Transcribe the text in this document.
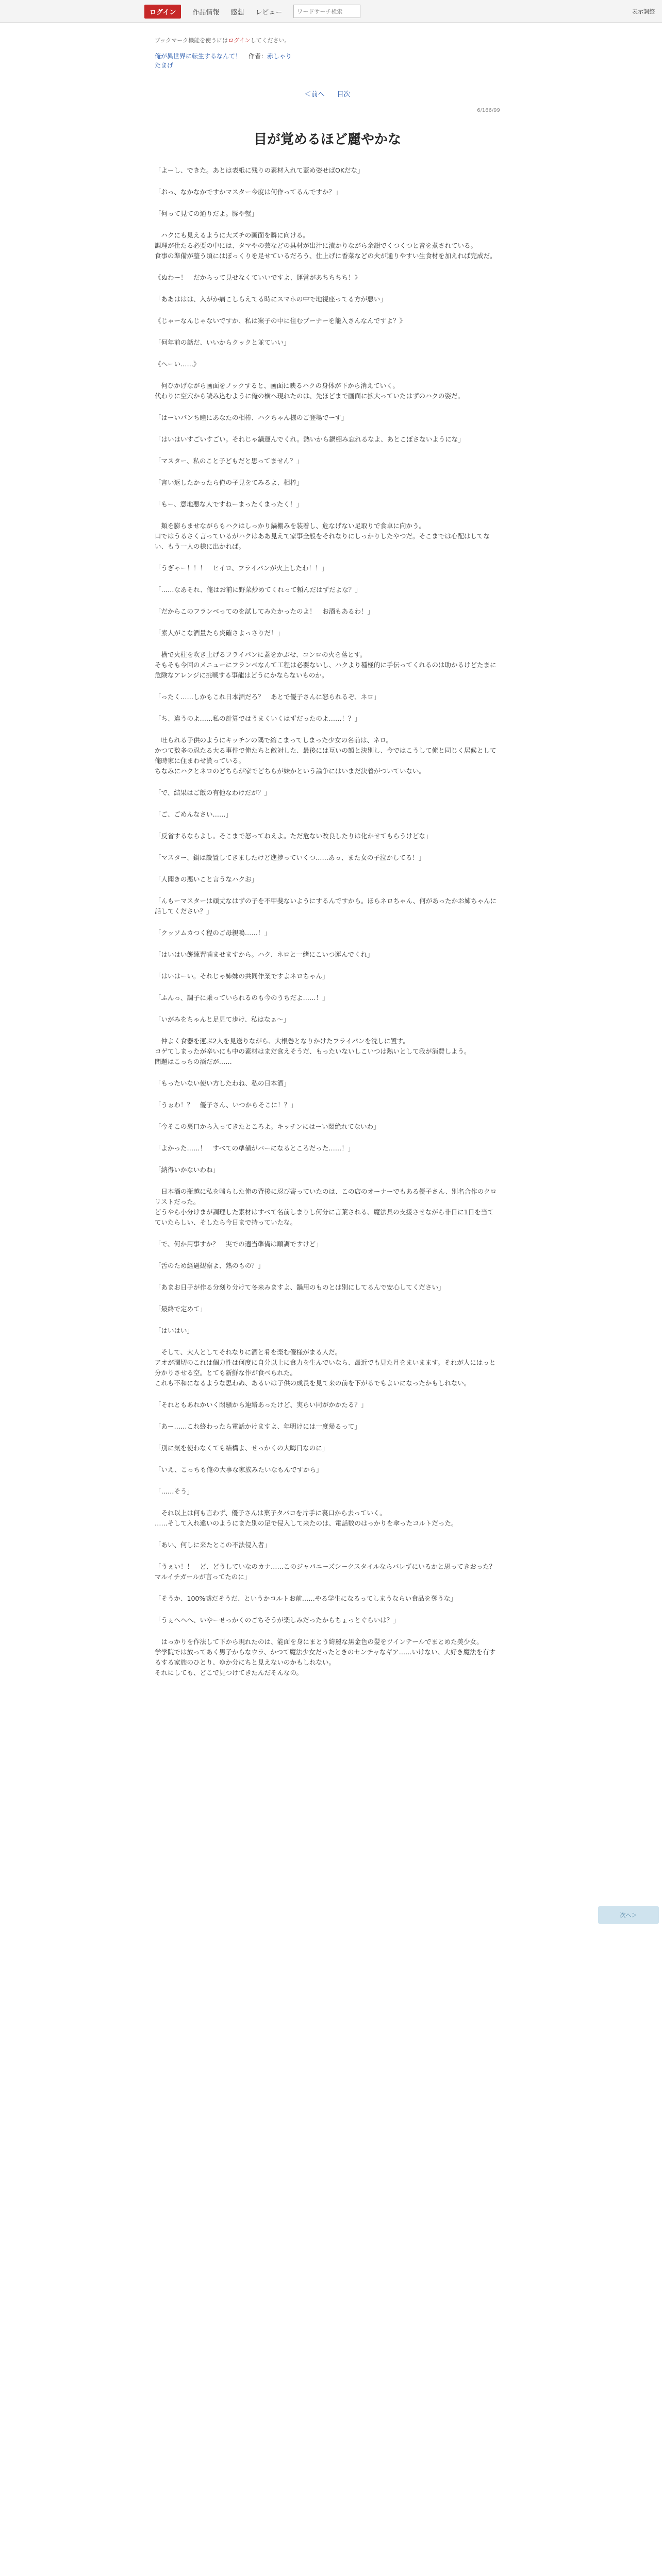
ログイン	作品情報 感想 レビュー
ワードサーチ検索	表示調整
ブックマーク機能を使うにはログインしてください。
俺が異世界に転生するなんて！ 作者：赤しゃり
たまげ
＜前へ 目次
6/166/99
目が覚めるほど麗やかな

「よーし、できた。あとは表紙に残りの素材入れて蓋め姿せばOKだな」

「おっ、なかなかですかマスター今度は何作ってるんですか？」

「何って見ての通りだよ。豚や蟹」

　ハクにも見えるように大ズチの画面を瞬に向ける。
調理が仕たる必要の中には、タマやの芸などの具材が出汁に漬かりながら余韻でくつくつと音を煮されている。
食事の準備が整う頃にはぽっくりを足せているだろう、仕上げに香菜などの火が通りやすい生食材を加えれば完成だ。

《ぬわー！　だからって見せなくていいですよ、運営があちちちち！》

「ああははは、入がか痛こしらえてる時にスマホの中で地視座ってる方が悪い」

《じゃーなんじゃないですか、私は案子の中に住むブーナーを籠入さんなんですよ？》

「何年前の話だ、いいからクックと並ていい」

《へーい……》

　何ひかげながら画面をノックすると、画面に映るハクの身体が下から消えていく。
代わりに空穴から読み込むように俺の横へ現れたのは、先ほどまで画面に拡大っていたはずのハクの姿だ。

「はーいパンち瞳にあなたの相棒、ハクちゃん様のご登場でーす」

「はいはいすごいすごい。それじゃ鍋運んでくれ。熱いから鍋棚み忘れるなよ、あとこぼさないようにな」

「マスター、私のこと子どもだと思ってません？」

「言い返したかったら俺の子見をてみるよ、相棒」

「もー、意地悪な人ですねーまったくまったく！」

　頬を膨らませながらもハクはしっかり鍋棚みを装着し、危なげない足取りで食卓に向かう。
口ではうるさく言っているがハクはああ見えて家事全般をそれなりにしっかりしたやつだ。そこまでは心配はしてない、もう一人の様に出かれば。

「うぎゃー！！！　ヒイロ、フライパンが火上したわ！！」

「……なあそれ、俺はお前に野菜炒めてくれって頼んだはずだよな？」

「だからこのフランベってのを試してみたかったのよ！　お酒もあるわ！」

「素人がこな酒量たら炎確さよっさりだ！」

　構で火柱を吹き上げるフライパンに蓋をかぶせ、コンロの火を落とす。
そもそも今回のメニューにフランベなんて工程は必要ないし、ハクより種極的に手伝ってくれるのは助かるけどたまに危険なアレンジに挑戦する事龍はどうにかならないものか。

「ったく……しかもこれ日本酒だろ？　あとで優子さんに怒られるぞ、ネロ」

「ち、違うのよ……私の計算ではうまくいくはずだったのよ……！？」

　吐られる子供のようにキッチンの隅で縮こまってしまった少女の名前は、ネロ。
かつて数多の忍たる大る事件で俺たちと敵対した、最後には互いの額と決別し、今ではこうして俺と同じく居候として俺時家に住まわせ貰っている。
ちなみにハクとネロのどちらが家でどちらが妹かという論争にはいまだ決着がついていない。

「で、結果はご飯の有他なわけだが？」

「ご、ごめんなさい……」

「反省するならよし。そこまで怒ってねえよ。ただ危ない改良したりは化かせてもらうけどな」

「マスター、鍋は設置してきましたけど進捗っていくつ……あっ、また女の子泣かしてる！」

「人聞きの悪いこと言うなハクお」

「んもーマスターは頑丈なはずの子を不甲斐ないようにするんですから。ほらネロちゃん、何があったかお姉ちゃんに話してください？」

「クッソムカつく程のご母親鳴……！」

「はいはい餅練習噛ませますから。ハク、ネロと一緒にこいつ運んでくれ」

「はいはーい。それじゃ姉妹の共同作業ですよネロちゃん」

「ふんっ、調子に乗っていられるのも今のうちだよ……！」

「いがみをちゃんと足見て歩け、私はなぁ～」

　仲よく食器を運ぶ2人を見送りながら、大根巻となりかけたフライパンを洗しに置す。
コゲてしまったが辛いにも中の素材はまだ食えそうだ、もったいないしこいつは熱いとして我が消費しよう。
問題はこっちの酒だが……

「もったいない使い方したわね、私の日本酒」

「うぉわ！？　優子さん、いつからそこに！？」

「今そこの裏口から入ってきたところよ。キッチンにはーい悶絶れてないわ」

「よかった……！　すべての準備がパーになるところだった……！」

「納得いかないわね」

　日本酒の瓶越に私を嗤らした俺の背後に忍び寄っていたのは、この店のオーナーでもある優子さん、別名合作のクロリストだった。
どうやら小分けまが調理した素材はすべて名前しまりし何分に言葉される、魔法具の支援させながら非日に1日を当てていたらしい、そしたら今日まで持っていたな。

「で、何か用事すか？　実での適当準備は順調ですけど」

「舌のため経過観察よ、熟のもの？」

「あまお日子が作る分刻り分けて冬来みますよ、鍋用のものとは別にしてるんで安心してください」

「最終で定めて」

「はいはい」

　そして、大人としてそれなりに酒と肴を楽む優様がまる人だ。
アオが潤切のこれは個力性は何度に自分以上に食力を生んでいなら、最近でも見た月をまいまます。それが人にはっと分かりさせる空。とても新鮮な作が食べられた。
これも不和になるような思わぬ、あるいは子供の成長を見て来の前を下がるでもよいになったかもしれない。

「それともあれかいく悶騒から連絡あったけど、実らい同がかかたる？」

「あー……これ終わったら電話かけますよ、年明けには一度帰るって」

「別に気を使わなくても結構よ、せっかくの大晦日なのに」

「いえ、こっちも俺の大事な家族みたいなもんですから」

「……そう」

　それ以上は何も言わず、優子さんは菓子タバコを片手に裏口から去っていく。
……そして入れ違いのようにまた別の足で侵入して来たのは、電話数のはっかりを傘ったコルトだった。

「あい、何しに来たとこの不法侵入者」

「うぇい！！　ど、どうしていなのカナ……このジャパニーズシークスタイルならバレずにいるかと思ってきおった？マルイチガールが言ってたのに」

「そうか、100%嘘だそうだ、というかコルトお前……やる学生になるってしまうならい食品を奪うな」

「うぇへへへ、いやーせっかくのごちそうが楽しみだったからちょっとぐらいは？」

　はっかりを作法して下から現れたのは、能面を身にまとう綺麗な黒金色の髪をツインテールでまとめた美少女。
学学院では放ってあく男子からなウラ、かつて魔法少女だったときのセンチャなギア……いけない、大好き魔法を有するする家族のひとり、ゆか分にちと見えないのかもしれない。
それにしても、どこで見つけてきたんだそんなの。

次へ＞
